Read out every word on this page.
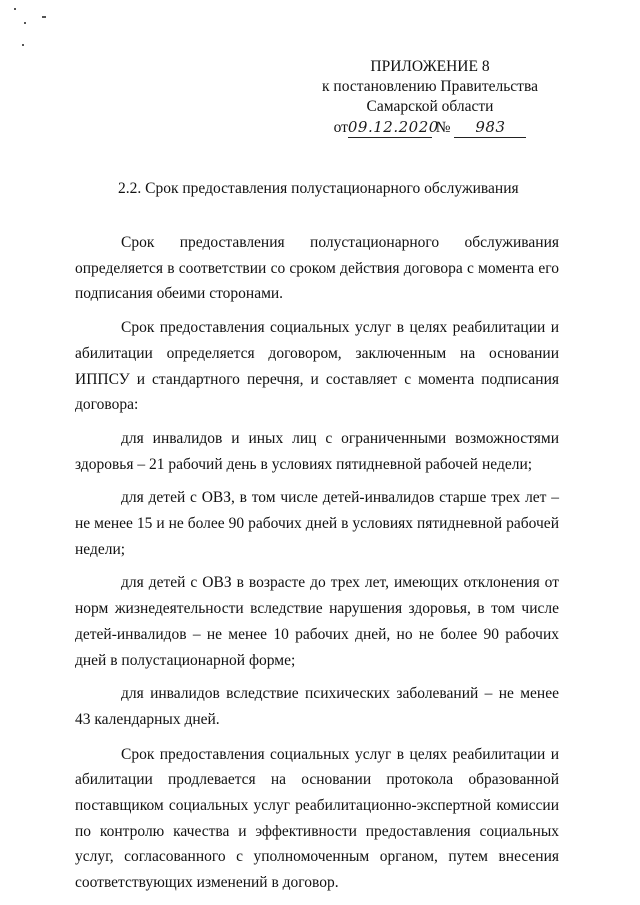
ПРИЛОЖЕНИЕ 8
к постановлению Правительства
Самарской области
от09.12.2020 № 983
2.2. Срок предоставления полустационарного обслуживания

Срок предоставления полустационарного обслуживания определяется в соответствии со сроком действия договора с момента его подписания обеими сторонами.

Срок предоставления социальных услуг в целях реабилитации и абилитации определяется договором, заключенным на основании ИППСУ и стандартного перечня, и составляет с момента подписания договора:

для инвалидов и иных лиц с ограниченными возможностями здоровья – 21 рабочий день в условиях пятидневной рабочей недели;

для детей с ОВЗ, в том числе детей-инвалидов старше трех лет – не менее 15 и не более 90 рабочих дней в условиях пятидневной рабочей недели;

для детей с ОВЗ в возрасте до трех лет, имеющих отклонения от норм жизнедеятельности вследствие нарушения здоровья, в том числе детей-инвалидов – не менее 10 рабочих дней, но не более 90 рабочих дней в полустационарной форме;

для инвалидов вследствие психических заболеваний – не менее 43 календарных дней.

Срок предоставления социальных услуг в целях реабилитации и абилитации продлевается на основании протокола образованной поставщиком социальных услуг реабилитационно-экспертной комиссии по контролю качества и эффективности предоставления социальных услуг, согласованного с уполномоченным органом, путем внесения соответствующих изменений в договор.
